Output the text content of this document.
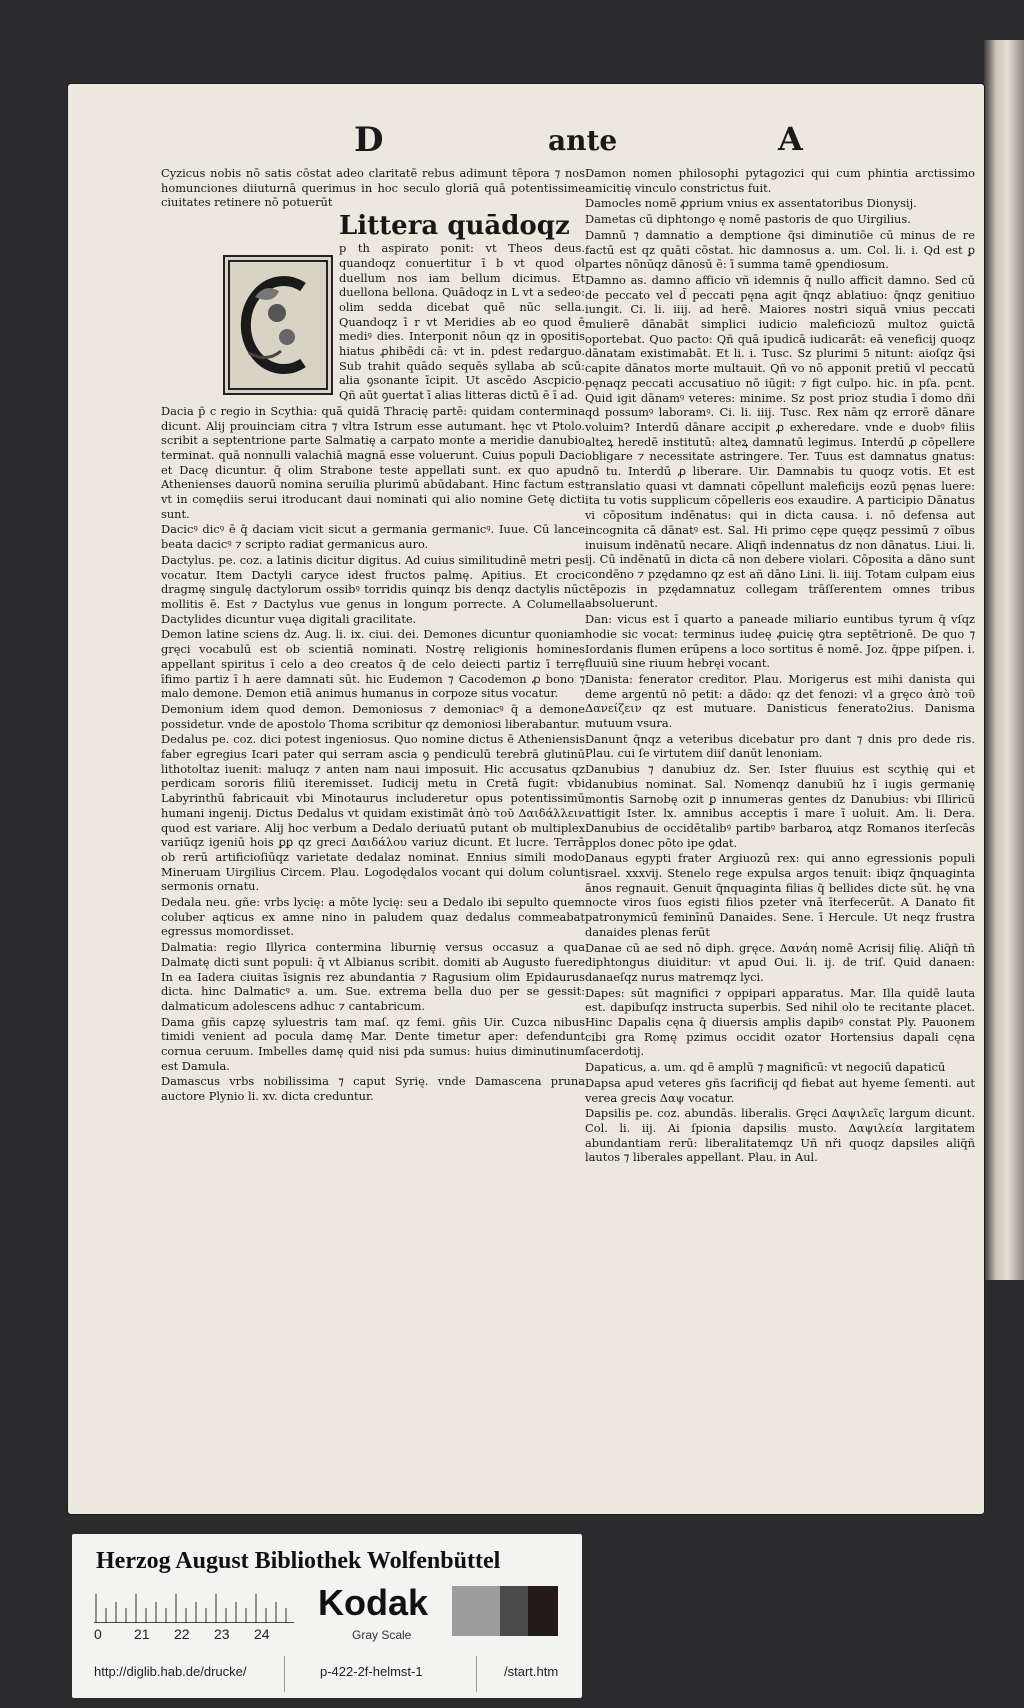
D	ante	A

Cyzicus nobis nō satis cōstat adeo claritatē rebus adimunt tēpora ⁊ nos homunciones diiuturnā querimus in hoc seculo gloriā quā potentissime ciuitates retinere nō potuerūt

Littera quādoqz

p th aspirato ponit: vt Theos deus. quandoqz conuertitur ī b vt quod ol duellum nos iam bellum dicimus. Et duellona bellona. Quādoqz in L vt a sedeo: olim sedda dicebat quē nūc sella. Quandoqz ī r vt Meridies ab eo quod ē mediꝰ dies. Interponit nōun qz in ꝯpositis hiatus ꝓhibēdi cā: vt in. pdest redarguo. Sub trahit quādo sequēs syllaba ab scū: alia ꝯsonante īcipit. Ut ascēdo Ascpicio. Qñ aūt ꝯuertat ī alias litteras dictū ē ī ad.

Dacia p̄ c regio in Scythia: quā quidā Thracię partē: quidam contermina dicunt. Alij prouinciam citra ⁊ vltra Istrum esse autumant. hęc vt Ptolo. scribit a septentrione parte Salmatię a carpato monte a meridie danubio terminat. quā nonnulli valachiā magnā esse voluerunt. Cuius populi Daci et Dacę dicuntur. q̄ olim Strabone teste appellati sunt. ex quo apud Athenienses dauorū nomina seruilia plurimū abūdabant. Hinc factum est vt in comędiis serui itroducant daui nominati qui alio nomine Getę dicti sunt.

Dacicꝰ dicꝰ ē q̄ daciam vicit sicut a germania germanicꝰ. Iuue. Cū lance beata dacicꝰ ⁊ scripto radiat germanicus auro.

Dactylus. pe. coz. a latinis dicitur digitus. Ad cuius similitudinē metri pes vocatur. Item Dactyli caryce idest fructos palmę. Apitius. Et croci dragmę singulę dactylorum ossibꝰ torridis quinqz bis denqz dactylis nūc mollitis ē. Est ⁊ Dactylus vue genus in longum porrecte. A Columella Dactylides dicuntur vuęa digitali gracilitate.

Demon latine sciens dz. Aug. li. ix. ciui. dei. Demones dicuntur quoniam gręci vocabulū est ob scientiā nominati. Nostrę religionis homines appellant spiritus ī celo a deo creatos q̄ de celo deiecti partiz ī terrę īfimo partiz ī h aere damnati sūt. hic Eudemon ⁊ Cacodemon ꝓ bono ⁊ malo demone. Demon etiā animus humanus in corpoze situs vocatur.

Demonium idem quod demon. Demoniosus ⁊ demoniacꝰ q̄ a demone possidetur. vnde de apostolo Thoma scribitur qz demoniosi liberabantur.

Dedalus pe. coz. dici potest ingeniosus. Quo nomine dictus ē Atheniensis faber egregius Icari pater qui serram ascia ꝯ pendiculū terebrā glutinū lithotoltaz iuenit: maluqz ⁊ anten nam naui imposuit. Hic accusatus qz perdicam sororis filiū iteremisset. Iudicij metu in Cretā fugit: vbi Labyrinthū fabricauit vbi Minotaurus includeretur opus potentissimū humani ingenij. Dictus Dedalus vt quidam existimāt ἀπὸ τοῦ Δαιδάλλειν quod est variare. Alij hoc verbum a Dedalo deriuatū putant ob multiplex variūqz igeniū hois ꝑꝑ qz greci Δαιδάλου variuz dicunt. Et lucre. Terrā ob rerū artificioſiūqz varietate dedalaz nominat. Ennius simili modo Mineruam Uirgilius Circem. Plau. Logodędalos vocant qui dolum colunt sermonis ornatu.

Dedala neu. gñe: vrbs lycię: a mōte lycię: seu a Dedalo ibi sepulto quem coluber aqticus ex amne nino in paludem quaz dedalus commeabat egressus momordisset.

Dalmatia: regio Illyrica contermina liburnię versus occasuz a qua Dalmatę dicti sunt populi: q̄ vt Albianus scribit. domiti ab Augusto fuere In ea Iadera ciuitas īsignis rez abundantia ⁊ Ragusium olim Epidaurus dicta. hinc Dalmaticꝰ a. um. Sue. extrema bella duo per se gessit: dalmaticum adolescens adhuc ⁊ cantabricum.

Dama gñis capzę syluestris tam maſ. qz femi. gñis Uir. Cuzca nibus timidi venient ad pocula damę Mar. Dente timetur aper: defendunt cornua ceruum. Imbelles damę quid nisi pda sumus: huius diminutinum est Damula.

Damascus vrbs nobilissima ⁊ caput Syrię. vnde Damascena pruna auctore Plynio li. xv. dicta creduntur.

Damon nomen philosophi pytagozici qui cum phintia arctissimo amicitię vinculo constrictus fuit.

Damocles nomē ꝓprium vnius ex assentatoribus Dionysij.

Dametas cū diphtongo ę nomē pastoris de quo Uirgilius.

Damnū ⁊ damnatio a demptione q̄si diminutiōe cū minus de re factū est qz quāti cōstat. hic damnosus a. um. Col. li. i. Qd est ꝑ partes nōnūqz dānosū ē: ī summa tamē ꝯpendiosum.

Damno as. damno afficio vñ idemnis q̄ nullo afficit damno. Sed cū de peccato vel d̄ peccati pęna agit q̄nqz ablatiuo: q̄nqz genitiuo iungit. Ci. li. iiij. ad herē. Maiores nostri siquā vnius peccati mulierē dānabāt simplici iudicio maleficiozū multoz ꝯuictā oportebat. Quo pacto: Qñ quā ipudicā iudicarāt: eā veneficij quoqz dānatam existimabāt. Et li. i. Tusc. Sz plurimi 5 nitunt: aioſqz q̄si capite dānatos morte multauit. Qñ vo nō apponit pretiū vl peccatū pęnaqz peccati accusatiuo nō iūgit: ⁊ figt culpo. hic. in pſa. pcnt. Quid igit dānamꝰ veteres: minime. Sz post prioz studia ī domo dñi qd possumꝰ laboramꝰ. Ci. li. iiij. Tusc. Rex nām qz errorē dānare voluim? Interdū dānare accipit ꝓ exheredare. vnde e duobꝰ filiis alteꝝ heredē institutū: alteꝝ damnatū legimus. Interdū ꝓ cōpellere obligare ⁊ necessitate astringere. Ter. Tuus est damnatus gnatus: nō tu. Interdū ꝓ liberare. Uir. Damnabis tu quoqz votis. Et est translatio quasi vt damnati cōpellunt maleficijs eozū pęnas luere: ita tu votis supplicum cōpelleris eos exaudire. A participio Dānatus vi cōpositum indēnatus: qui in dicta causa. i. nō defensa aut incognita cā dānatꝰ est. Sal. Hi primo cępe quęqz pessimū ⁊ oībus inuisum indēnatū necare. Aliqñ indennatus dz non dānatus. Liui. li. ij. Cū indēnatū in dicta cā non debere violari. Cōposita a dāno sunt condēno ⁊ pzędamno qz est añ dāno Lini. li. iiij. Totam culpam eius tēpozis in pzędamnatuz collegam trāſſerentem omnes tribus absoluerunt.

Dan: vicus est ī quarto a paneade miliario euntibus tyrum q̄ vſqz hodie sic vocat: terminus iudeę ꝓuicię ꝯtra septētrionē. De quo ⁊ Iordanis flumen erūpens a loco sortitus ē nomē. Joz. q̄ppe piſpen. i. fluuiū sine riuum hebręi vocant.

Danista: fenerator creditor. Plau. Morigerus est mihi danista qui deme argentū nō petit: a dādo: qz det fenozi: vl a gręco ἀπὸ τοῦ Δανείζειν qz est mutuare. Danisticus fenerato2ius. Danisma mutuum vsura.

Danunt q̄nqz a veteribus dicebatur pro dant ⁊ dnis pro dede ris. Plau. cui ſe virtutem diiſ danūt lenoniam.

Danubius ⁊ danubiuz dz. Ser. Ister fluuius est scythię qui et danubius nominat. Sal. Nomenqz danubiū hz ī iugis germanię montis Sarnobę ozit ꝑ innumeras gentes dz Danubius: vbi Illiricū attigit Ister. lx. amnibus acceptis ī mare ī uoluit. Am. li. Dera. Danubius de occidētalibꝰ partibꝰ barbaroꝝ atqz Romanos iterſecās pplos donec pōto ipe ꝯdat.

Danaus egypti frater Argiuozū rex: qui anno egressionis populi israel. xxxvij. Stenelo rege expulsa argos tenuit: ibiqz q̄nquaginta ānos regnauit. Genuit q̄nquaginta filias q̄ bellides dicte sūt. hę vna nocte viros ſuos egisti filios pzeter vnā īterfecerūt. A Danato fit patronymicū feminīnū Danaides. Sene. ī Hercule. Ut neqz frustra danaides plenas ferūt

Danae cū ae sed nō diph. gręce. Δανάη nomē Acrisij filię. Aliq̄ñ tñ diphtongus diuiditur: vt apud Oui. li. ij. de triſ. Quid danaen: danaeſqz nurus matremqz lyci.

Dapes: sūt magnifici ⁊ oppipari apparatus. Mar. Illa quidē lauta est. dapibuſqz instructa superbis. Sed nihil olo te recitante placet. Hinc Dapalis cęna q̄ diuersis amplis dapibꝰ constat Ply. Pauonem cibi gra Romę pzimus occidit ozator Hortensius dapali cęna ſacerdotij.

Dapaticus, a. um. qd ē amplū ⁊ magnificū: vt negociū dapaticū

Dapsa apud veteres gñs ſacrificij qd fiebat aut hyeme ſementi. aut verea grecis Δαψ vocatur.

Dapsilis pe. coz. abundās. liberalis. Gręci Δαψιλεῖς largum dicunt. Col. li. iij. Ai ſpionia dapsilis musto. Δαψιλεία largitatem abundantiam rerū: liberalitatemqz Uñ nři quoqz dapsiles aliq̄ñ lautos ⁊ liberales appellant. Plau. in Aul.

Herzog August Bibliothek Wolfenbüttel
0 21 22 23 24
Kodak
Gray Scale
http://diglib.hab.de/drucke/	p-422-2f-helmst-1	/start.htm
